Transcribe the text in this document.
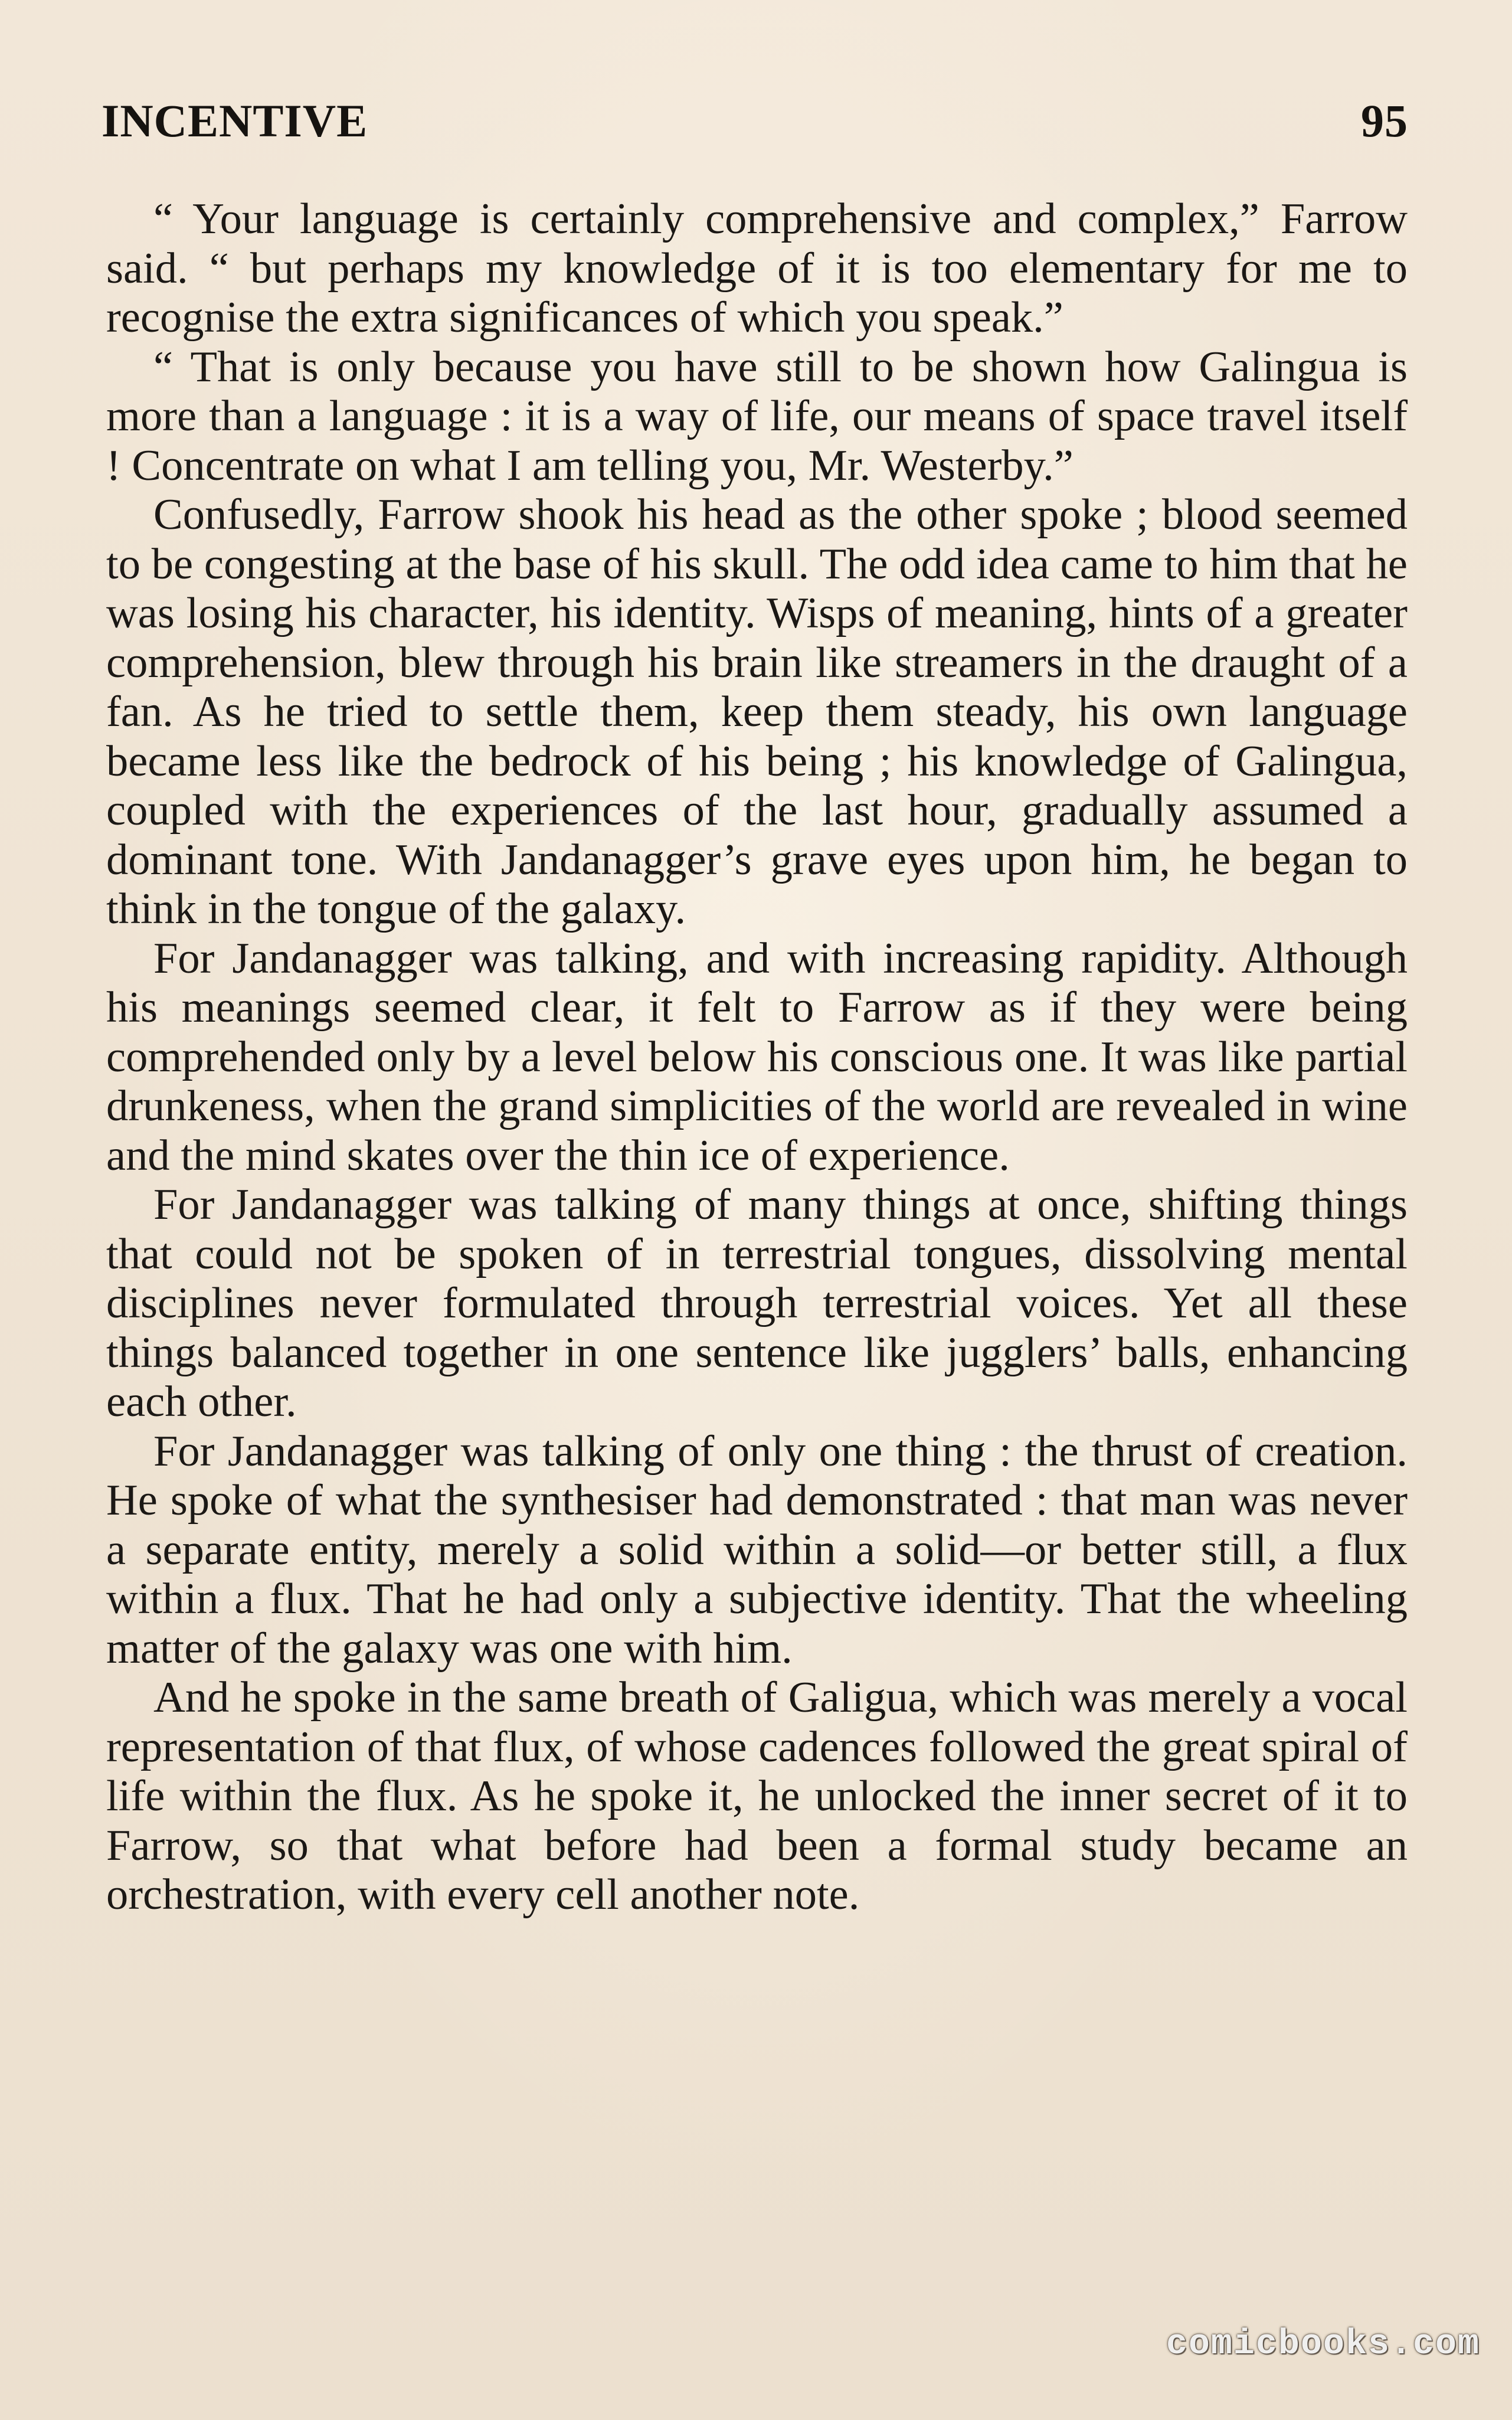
INCENTIVE	95

“ Your language is certainly comprehensive and complex,” Farrow said. “ but perhaps my knowledge of it is too elementary for me to recognise the extra significances of which you speak.”

“ That is only because you have still to be shown how Galingua is more than a language : it is a way of life, our means of space travel itself ! Concentrate on what I am telling you, Mr. Westerby.”

Confusedly, Farrow shook his head as the other spoke ; blood seemed to be congesting at the base of his skull. The odd idea came to him that he was losing his character, his identity. Wisps of meaning, hints of a greater comprehension, blew through his brain like streamers in the draught of a fan. As he tried to settle them, keep them steady, his own language became less like the bedrock of his being ; his knowledge of Galingua, coupled with the experiences of the last hour, gradually assumed a dominant tone. With Jandanagger’s grave eyes upon him, he began to think in the tongue of the galaxy.

For Jandanagger was talking, and with increasing rapidity. Although his meanings seemed clear, it felt to Farrow as if they were being comprehended only by a level below his conscious one. It was like partial drunkeness, when the grand simplicities of the world are revealed in wine and the mind skates over the thin ice of experience.

For Jandanagger was talking of many things at once, shifting things that could not be spoken of in terrestrial tongues, dissolving mental disciplines never formulated through terrestrial voices. Yet all these things balanced together in one sentence like jugglers’ balls, enhancing each other.

For Jandanagger was talking of only one thing : the thrust of creation. He spoke of what the synthesiser had demonstrated : that man was never a separate entity, merely a solid within a solid—or better still, a flux within a flux. That he had only a subjective identity. That the wheeling matter of the galaxy was one with him.

And he spoke in the same breath of Galigua, which was merely a vocal representation of that flux, of whose cadences followed the great spiral of life within the flux. As he spoke it, he unlocked the inner secret of it to Farrow, so that what before had been a formal study became an orchestration, with every cell another note.

comicbooks.com
